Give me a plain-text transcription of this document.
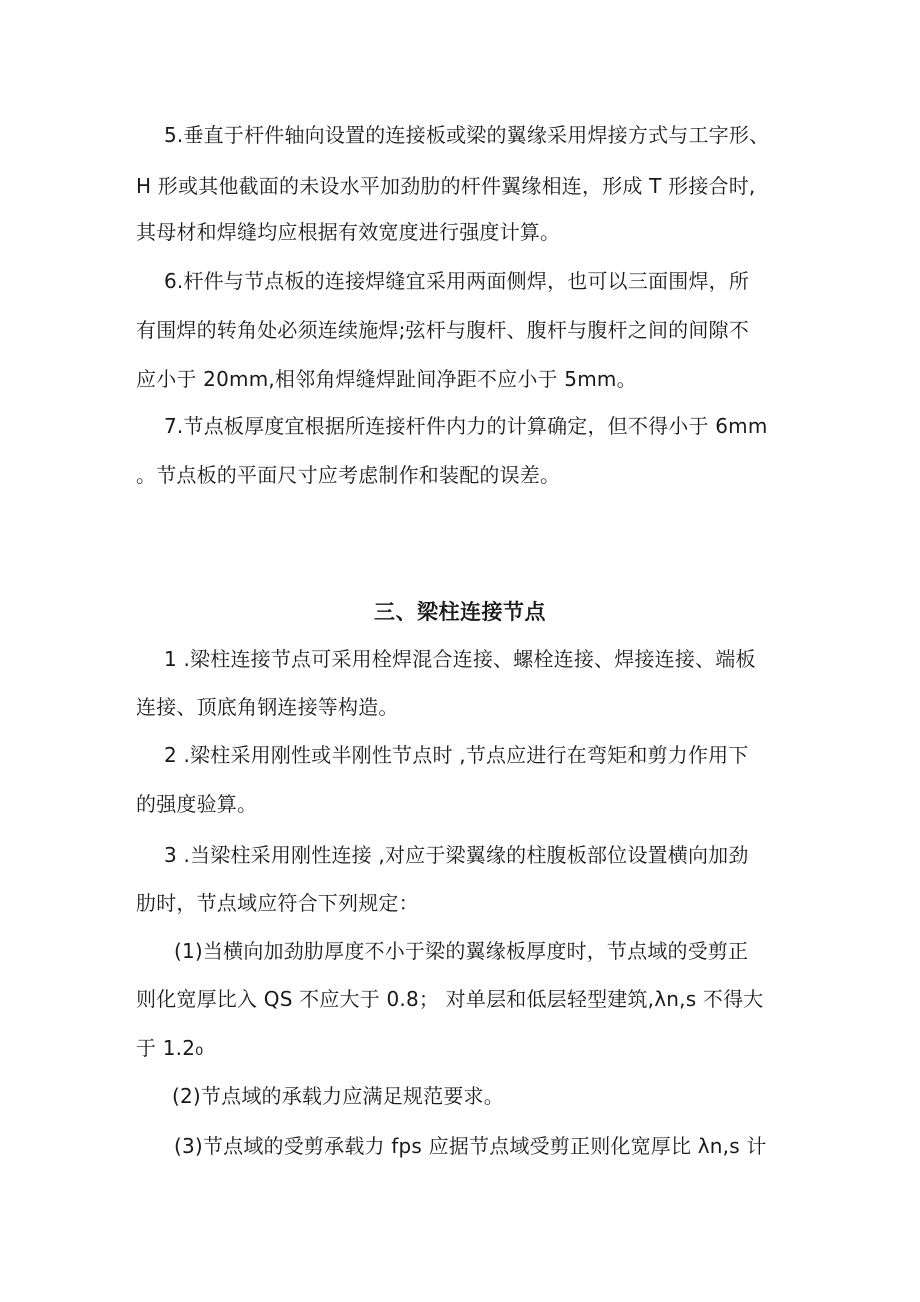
5.垂直于杆件轴向设置的连接板或梁的翼缘采用焊接方式与工字形、
H 形或其他截面的未设水平加劲肋的杆件翼缘相连，形成 T 形接合时,
其母材和焊缝均应根据有效宽度进行强度计算。
6.杆件与节点板的连接焊缝宜采用两面侧焊，也可以三面围焊，所
有围焊的转角处必须连续施焊;弦杆与腹杆、腹杆与腹杆之间的间隙不
应小于 20mm,相邻角焊缝焊趾间净距不应小于 5mm。
7.节点板厚度宜根据所连接杆件内力的计算确定，但不得小于 6mm
。节点板的平面尺寸应考虑制作和装配的误差。
三、梁柱连接节点
1 .梁柱连接节点可采用栓焊混合连接、螺栓连接、焊接连接、端板
连接、顶底角钢连接等构造。
2 .梁柱采用刚性或半刚性节点时 ,节点应进行在弯矩和剪力作用下
的强度验算。
3 .当梁柱采用刚性连接 ,对应于梁翼缘的柱腹板部位设置横向加劲
肋时，节点域应符合下列规定：
(1)当横向加劲肋厚度不小于梁的翼缘板厚度时，节点域的受剪正
则化宽厚比入 QS 不应大于 0.8； 对单层和低层轻型建筑,λn,s 不得大
于 1.2₀
(2)节点域的承载力应满足规范要求。
(3)节点域的受剪承载力 fps 应据节点域受剪正则化宽厚比 λn,s 计
